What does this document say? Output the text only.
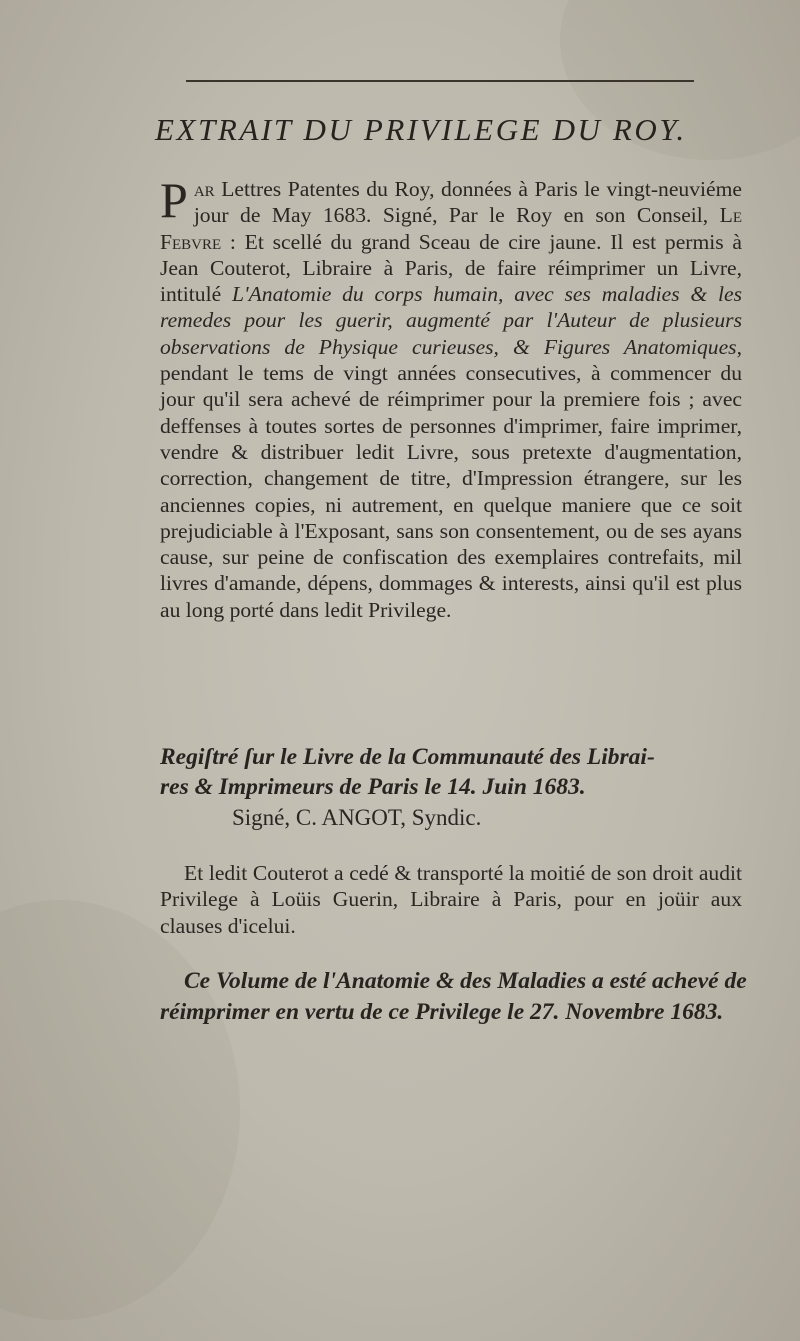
EXTRAIT DU PRIVILEGE DU ROY.

Par Lettres Patentes du Roy, données à Paris le vingt-neuviéme jour de May 1683. Signé, Par le Roy en son Conseil, Le Febvre : Et scellé du grand Sceau de cire jaune. Il est permis à Jean Couterot, Libraire à Paris, de faire réimprimer un Livre, intitulé L'Anatomie du corps humain, avec ses maladies & les remedes pour les guerir, augmenté par l'Auteur de plusieurs observations de Physique curieuses, & Figures Anatomiques, pendant le tems de vingt années consecutives, à commencer du jour qu'il sera achevé de réimprimer pour la premiere fois ; avec deffenses à toutes sortes de personnes d'imprimer, faire imprimer, vendre & distribuer ledit Livre, sous pretexte d'augmentation, correction, changement de titre, d'Impression étrangere, sur les anciennes copies, ni autrement, en quelque maniere que ce soit prejudiciable à l'Exposant, sans son consentement, ou de ses ayans cause, sur peine de confiscation des exemplaires contrefaits, mil livres d'amande, dépens, dommages & interests, ainsi qu'il est plus au long porté dans ledit Privilege.

Regiſtré ſur le Livre de la Communauté des Librai-
res & Imprimeurs de Paris le 14. Juin 1683.

Signé, C. ANGOT, Syndic.

Et ledit Couterot a cedé & transporté la moitié de son droit audit Privilege à Loüis Guerin, Libraire à Paris, pour en joüir aux clauses d'icelui.

Ce Volume de l'Anatomie & des Maladies a esté achevé de réimprimer en vertu de ce Privilege le 27. Novembre 1683.
